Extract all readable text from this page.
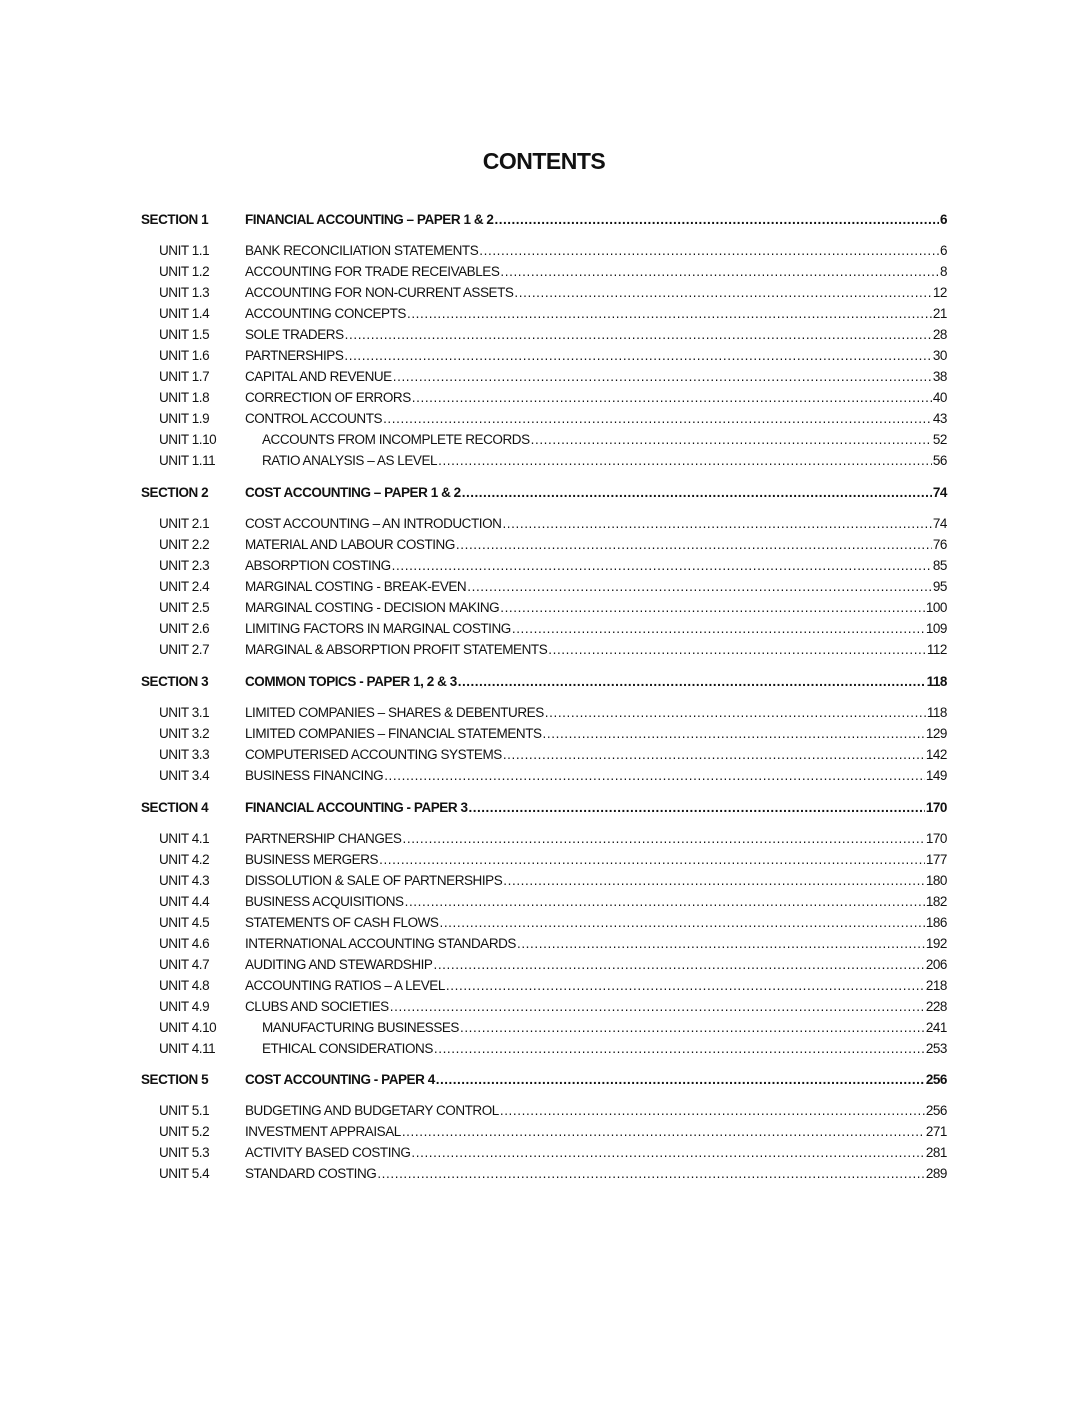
CONTENTS
SECTION 1	FINANCIAL ACCOUNTING – PAPER 1 & 2 .....	6
UNIT 1.1	BANK RECONCILIATION STATEMENTS .....	6
UNIT 1.2	ACCOUNTING FOR TRADE RECEIVABLES .....	8
UNIT 1.3	ACCOUNTING FOR NON-CURRENT ASSETS .....	12
UNIT 1.4	ACCOUNTING CONCEPTS .....	21
UNIT 1.5	SOLE TRADERS .....	28
UNIT 1.6	PARTNERSHIPS .....	30
UNIT 1.7	CAPITAL AND REVENUE .....	38
UNIT 1.8	CORRECTION OF ERRORS .....	40
UNIT 1.9	CONTROL ACCOUNTS .....	43
UNIT 1.10	ACCOUNTS FROM INCOMPLETE RECORDS .....	52
UNIT 1.11	RATIO ANALYSIS – AS LEVEL .....	56
SECTION 2	COST ACCOUNTING – PAPER 1 & 2 .....	74
UNIT 2.1	COST ACCOUNTING – AN INTRODUCTION .....	74
UNIT 2.2	MATERIAL AND LABOUR COSTING .....	76
UNIT 2.3	ABSORPTION COSTING .....	85
UNIT 2.4	MARGINAL COSTING - BREAK-EVEN .....	95
UNIT 2.5	MARGINAL COSTING - DECISION MAKING .....	100
UNIT 2.6	LIMITING FACTORS IN MARGINAL COSTING .....	109
UNIT 2.7	MARGINAL & ABSORPTION PROFIT STATEMENTS .....	112
SECTION 3	COMMON TOPICS - PAPER 1, 2 & 3 .....	118
UNIT 3.1	LIMITED COMPANIES – SHARES & DEBENTURES .....	118
UNIT 3.2	LIMITED COMPANIES – FINANCIAL STATEMENTS .....	129
UNIT 3.3	COMPUTERISED ACCOUNTING SYSTEMS .....	142
UNIT 3.4	BUSINESS FINANCING .....	149
SECTION 4	FINANCIAL ACCOUNTING - PAPER 3 .....	170
UNIT 4.1	PARTNERSHIP CHANGES .....	170
UNIT 4.2	BUSINESS MERGERS .....	177
UNIT 4.3	DISSOLUTION & SALE OF PARTNERSHIPS .....	180
UNIT 4.4	BUSINESS ACQUISITIONS .....	182
UNIT 4.5	STATEMENTS OF CASH FLOWS .....	186
UNIT 4.6	INTERNATIONAL ACCOUNTING STANDARDS .....	192
UNIT 4.7	AUDITING AND STEWARDSHIP .....	206
UNIT 4.8	ACCOUNTING RATIOS – A LEVEL .....	218
UNIT 4.9	CLUBS AND SOCIETIES .....	228
UNIT 4.10	MANUFACTURING BUSINESSES .....	241
UNIT 4.11	ETHICAL CONSIDERATIONS .....	253
SECTION 5	COST ACCOUNTING - PAPER 4 .....	256
UNIT 5.1	BUDGETING AND BUDGETARY CONTROL .....	256
UNIT 5.2	INVESTMENT APPRAISAL .....	271
UNIT 5.3	ACTIVITY BASED COSTING .....	281
UNIT 5.4	STANDARD COSTING .....	289
